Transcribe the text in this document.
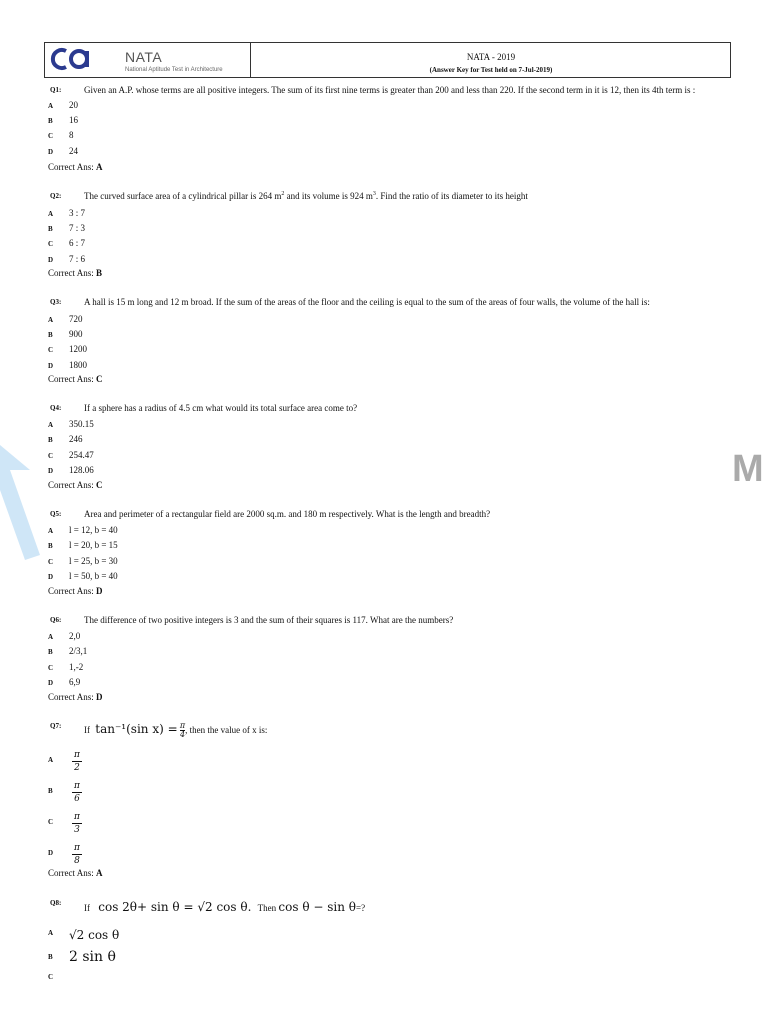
NATA
National Aptitude Test in Architecture
NATA - 2019
(Answer Key for Test held on 7-Jul-2019)
M
Q1:	Given an A.P. whose terms are all positive integers. The sum of its first nine terms is greater than 200 and less than 220. If the second term in it is 12, then its 4th term is :
A 20
B 16
C 8
D 24
Correct Ans: A
Q2:	The curved surface area of a cylindrical pillar is 264 $m^2$ and its volume is 924 $m^3$. Find the ratio of its diameter to its height
A 3 : 7
B 7 : 3
C 6 : 7
D 7 : 6
Correct Ans: B
Q3:	A hall is 15 m long and 12 m broad. If the sum of the areas of the floor and the ceiling is equal to the sum of the areas of four walls, the volume of the hall is:
A 720
B 900
C 1200
D 1800
Correct Ans: C
Q4:	If a sphere has a radius of 4.5 cm what would its total surface area come to?
A 350.15
B 246
C 254.47
D 128.06
Correct Ans: C
Q5:	Area and perimeter of a rectangular field are 2000 sq.m. and 180 m respectively. What is the length and breadth?
A l = 12, b = 40
B l = 20, b = 15
C l = 25, b = 30
D l = 50, b = 40
Correct Ans: D
Q6:	The difference of two positive integers is 3 and the sum of their squares is 117. What are the numbers?
A 2,0
B 2/3,1
C 1,-2
D 6,9
Correct Ans: D
Q7:	If tan⁻¹(sin $x) = \frac{\pi}{4}$ , then the value of x is:
A π
2
B π
6
C π
3
D π
8
Correct Ans: A
Q8:	If cos 2θ+ sin θ = √2 cos θ. Then cos θ − sin θ=?
A √2 cos θ
B 2 sin θ
C
